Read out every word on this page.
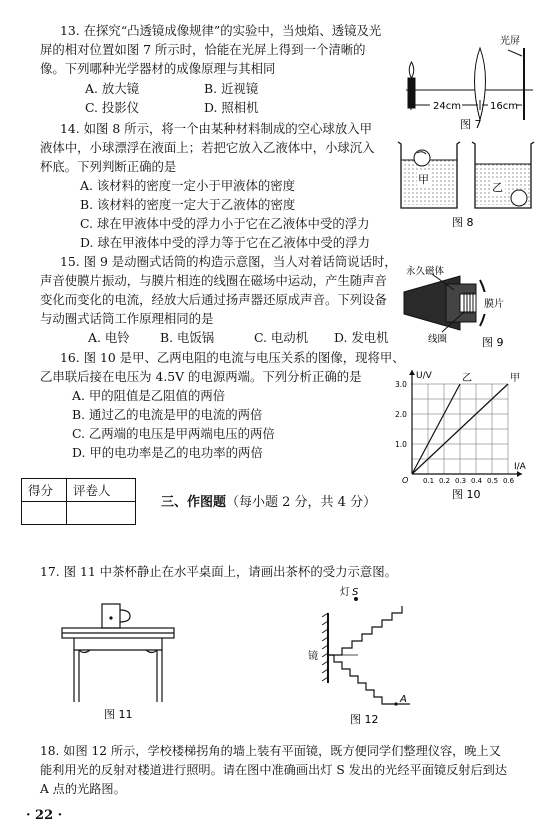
13. 在探究“凸透镜成像规律”的实验中，当烛焰、透镜及光
屏的相对位置如图 7 所示时，恰能在光屏上得到一个清晰的
像。下列哪种光学器材的成像原理与其相同
A. 放大镜	B. 近视镜
C. 投影仪	D. 照相机
光屏
24cm	16cm
图 7
14. 如图 8 所示，将一个由某种材料制成的空心球放入甲
液体中，小球漂浮在液面上；若把它放入乙液体中，小球沉入
杯底。下列判断正确的是
A. 该材料的密度一定小于甲液体的密度
B. 该材料的密度一定大于乙液体的密度
C. 球在甲液体中受的浮力小于它在乙液体中受的浮力
D. 球在甲液体中受的浮力等于它在乙液体中受的浮力
甲
乙
图 8
15. 图 9 是动圈式话筒的构造示意图，当人对着话筒说话时，
声音使膜片振动，与膜片相连的线圈在磁场中运动，产生随声音
变化而变化的电流，经放大后通过扬声器还原成声音。下列设备
与动圈式话筒工作原理相同的是
A. 电铃 B. 电饭锅	C. 电动机 D. 发电机
永久磁体
膜片
线圈	图 9
16. 图 10 是甲、乙两电阻的电流与电压关系的图像，现将甲、
乙串联后接在电压为 4.5V 的电源两端。下列分析正确的是
A. 甲的阻值是乙阻值的两倍
B. 通过乙的电流是甲的电流的两倍
C. 乙两端的电压是甲两端电压的两倍
D. 甲的电功率是乙的电功率的两倍
甲
乙
0.1 0.2 0.3 0.4 0.5 0.6
1.0
2.0
3.0
O
I/A
U/V
图 10
得分	评卷人

三、作图题（每小题 2 分，共 4 分）
17. 图 11 中茶杯静止在水平桌面上，请画出茶杯的受力示意图。
图 11
灯 S
镜
A
图 12
18. 如图 12 所示，学校楼梯拐角的墙上装有平面镜，既方便同学们整理仪容，晚上又
能利用光的反射对楼道进行照明。请在图中准确画出灯 S 发出的光经平面镜反射后到达
A 点的光路图。
· 22 ·
